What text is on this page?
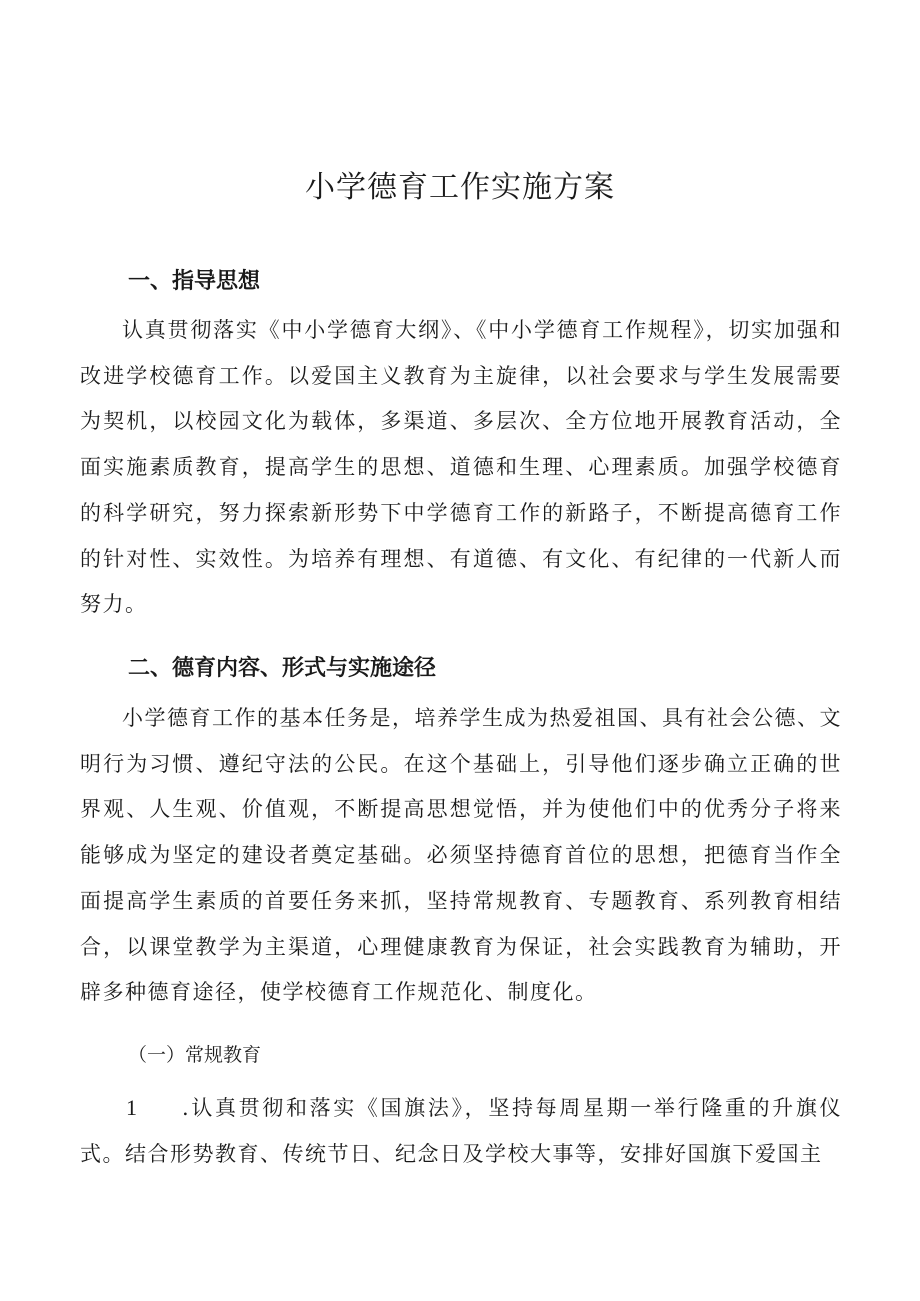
小学德育工作实施方案
一、指导思想

认真贯彻落实《中小学德育大纲》、《中小学德育工作规程》，切实加强和改进学校德育工作。以爱国主义教育为主旋律，以社会要求与学生发展需要为契机，以校园文化为载体，多渠道、多层次、全方位地开展教育活动，全面实施素质教育，提高学生的思想、道德和生理、心理素质。加强学校德育的科学研究，努力探索新形势下中学德育工作的新路子，不断提高德育工作的针对性、实效性。为培养有理想、有道德、有文化、有纪律的一代新人而努力。

二、德育内容、形式与实施途径

小学德育工作的基本任务是，培养学生成为热爱祖国、具有社会公德、文明行为习惯、遵纪守法的公民。在这个基础上，引导他们逐步确立正确的世界观、人生观、价值观，不断提高思想觉悟，并为使他们中的优秀分子将来能够成为坚定的建设者奠定基础。必须坚持德育首位的思想，把德育当作全面提高学生素质的首要任务来抓，坚持常规教育、专题教育、系列教育相结合，以课堂教学为主渠道，心理健康教育为保证，社会实践教育为辅助，开辟多种德育途径，使学校德育工作规范化、制度化。

（一）常规教育

1 .认真贯彻和落实《国旗法》，坚持每周星期一举行隆重的升旗仪式。结合形势教育、传统节日、纪念日及学校大事等，安排好国旗下爱国主
